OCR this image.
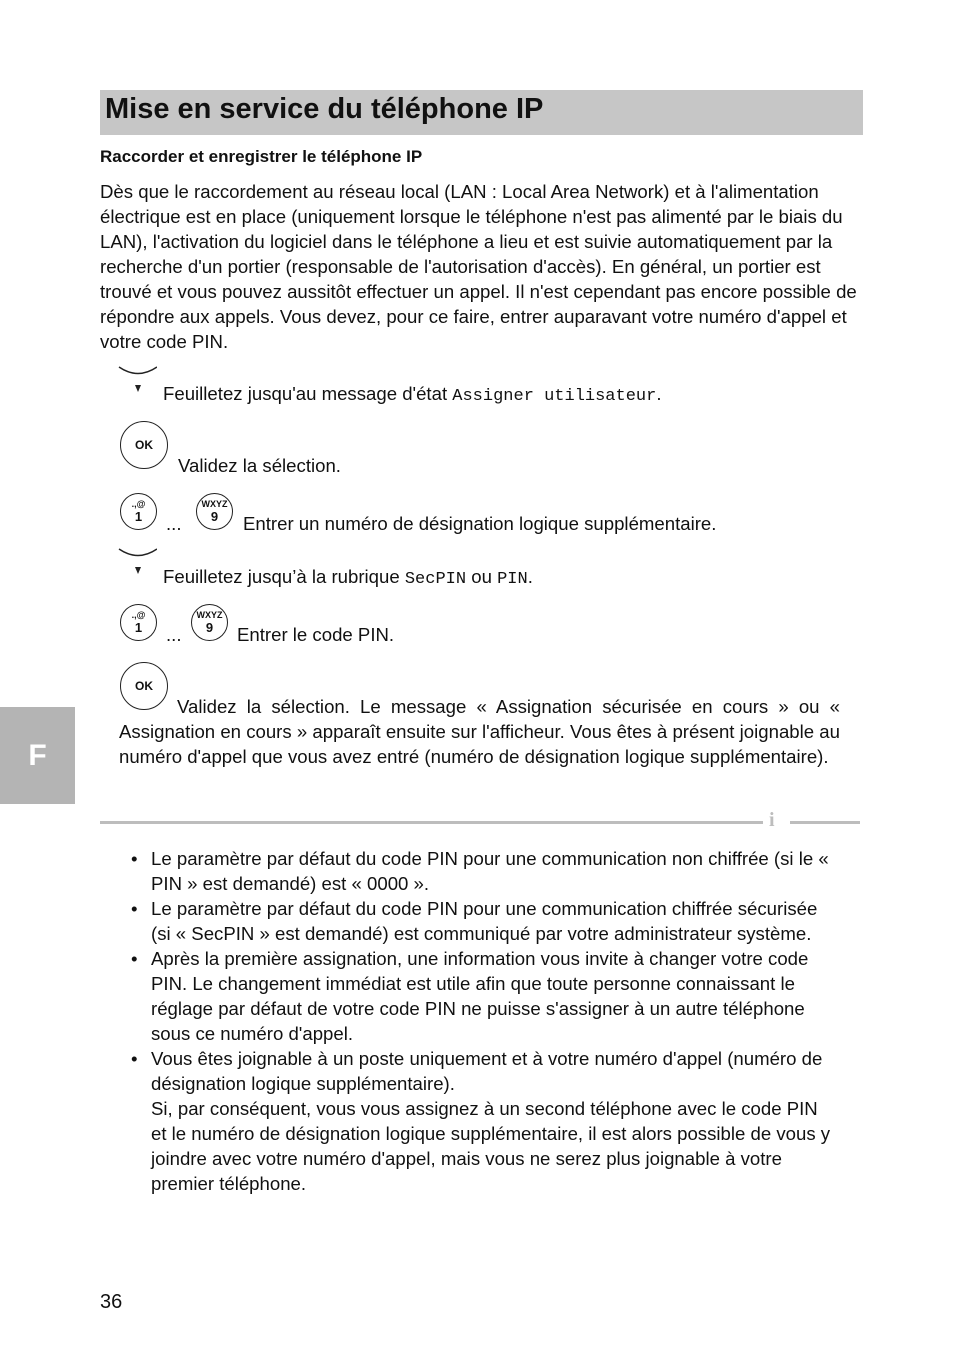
Mise en service du téléphone IP
Raccorder et enregistrer le téléphone IP

Dès que le raccordement au réseau local (LAN : Local Area Network) et à l'alimentation électrique est en place (uniquement lorsque le téléphone n'est pas alimenté par le biais du LAN), l'activation du logiciel dans le téléphone a lieu et est suivie automatiquement par la recherche d'un portier (responsable de l'autorisation d'accès). En général, un portier est trouvé et vous pouvez aussitôt effectuer un appel. Il n'est cependant pas encore possible de répondre aux appels. Vous devez, pour ce faire, entrer auparavant votre numéro d'appel et votre code PIN.

Feuilletez jusqu'au message d'état Assigner utilisateur.
OK
Validez la sélection.
.,@
1	...
WXYZ
9	Entrer un numéro de désignation logique supplémentaire.
Feuilletez jusqu’à la rubrique SecPIN ou PIN.
.,@
1	...
WXYZ
9	Entrer le code PIN.
OK

Validez la sélection. Le message « Assignation sécurisée en cours » ou « Assignation en cours » apparaît ensuite sur l'afficheur. Vous êtes à présent joignable au numéro d'appel que vous avez entré (numéro de désignation logique supplémentaire).

F
i
• Le paramètre par défaut du code PIN pour une communication non chiffrée (si le « PIN » est demandé) est « 0000 ».
• Le paramètre par défaut du code PIN pour une communication chiffrée sécurisée (si « SecPIN » est demandé) est communiqué par votre administrateur système.
• Après la première assignation, une information vous invite à changer votre code PIN. Le changement immédiat est utile afin que toute personne connaissant le réglage par défaut de votre code PIN ne puisse s'assigner à un autre téléphone sous ce numéro d'appel.
• Vous êtes joignable à un poste uniquement et à votre numéro d'appel (numéro de désignation logique supplémentaire).
Si, par conséquent, vous vous assignez à un second téléphone avec le code PIN et le numéro de désignation logique supplémentaire, il est alors possible de vous y joindre avec votre numéro d'appel, mais vous ne serez plus joignable à votre premier téléphone.
36
